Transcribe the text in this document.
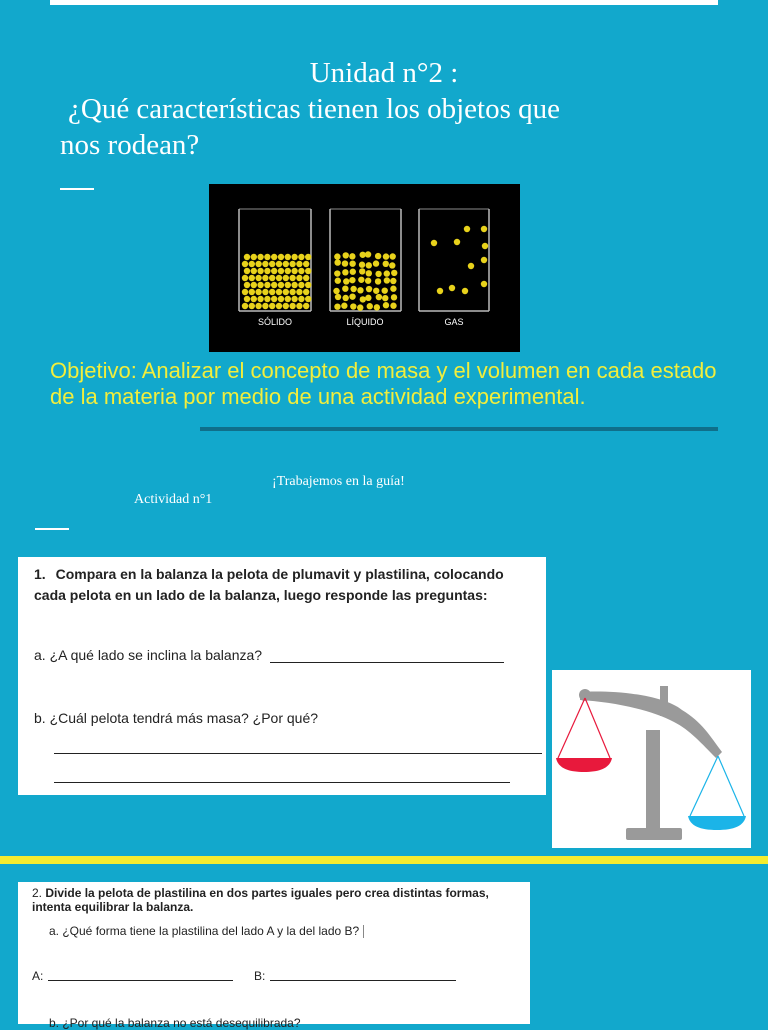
Unidad n°2 :
¿Qué características tienen los objetos que
nos rodean?
SÓLIDO	LÍQUIDO	GAS
Objetivo: Analizar el concepto de masa y el volumen en cada estado de la materia por medio de una actividad experimental.
¡Trabajemos en la guía!
Actividad n°1
1. Compara en la balanza la pelota de plumavit y plastilina, colocando cada pelota en un lado de la balanza, luego responde las preguntas:
a. ¿A qué lado se inclina la balanza?
b. ¿Cuál pelota tendrá más masa? ¿Por qué?
2. Divide la pelota de plastilina en dos partes iguales pero crea distintas formas, intenta equilibrar la balanza.
a. ¿Qué forma tiene la plastilina del lado A y la del lado B?
A:	B:
b. ¿Por qué la balanza no está desequilibrada?
